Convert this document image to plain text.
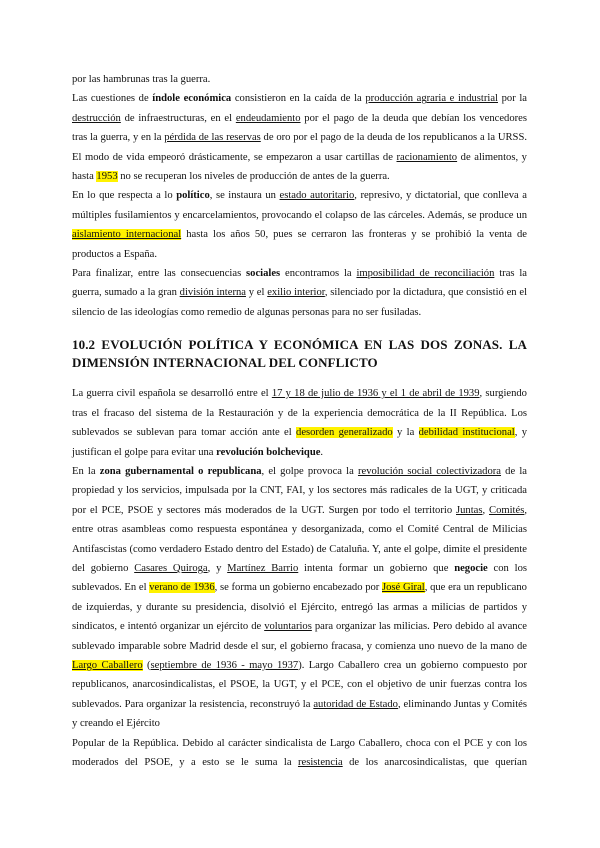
por las hambrunas tras la guerra.

Las cuestiones de índole económica consistieron en la caída de la producción agraria e industrial por la destrucción de infraestructuras, en el endeudamiento por el pago de la deuda que debían los vencedores tras la guerra, y en la pérdida de las reservas de oro por el pago de la deuda de los republicanos a la URSS. El modo de vida empeoró drásticamente, se empezaron a usar cartillas de racionamiento de alimentos, y hasta 1953 no se recuperan los niveles de producción de antes de la guerra.

En lo que respecta a lo político, se instaura un estado autoritario, represivo, y dictatorial, que conlleva a múltiples fusilamientos y encarcelamientos, provocando el colapso de las cárceles. Además, se produce un aislamiento internacional hasta los años 50, pues se cerraron las fronteras y se prohibió la venta de productos a España.

Para finalizar, entre las consecuencias sociales encontramos la imposibilidad de reconciliación tras la guerra, sumado a la gran división interna y el exilio interior, silenciado por la dictadura, que consistió en el silencio de las ideologías como remedio de algunas personas para no ser fusiladas.

10.2 EVOLUCIÓN POLÍTICA Y ECONÓMICA EN LAS DOS ZONAS. LA DIMENSIÓN INTERNACIONAL DEL CONFLICTO

La guerra civil española se desarrolló entre el 17 y 18 de julio de 1936 y el 1 de abril de 1939, surgiendo tras el fracaso del sistema de la Restauración y de la experiencia democrática de la II República. Los sublevados se sublevan para tomar acción ante el desorden generalizado y la debilidad institucional, y justifican el golpe para evitar una revolución bolchevique.

En la zona gubernamental o republicana, el golpe provoca la revolución social colectivizadora de la propiedad y los servicios, impulsada por la CNT, FAI, y los sectores más radicales de la UGT, y criticada por el PCE, PSOE y sectores más moderados de la UGT. Surgen por todo el territorio Juntas, Comités, entre otras asambleas como respuesta espontánea y desorganizada, como el Comité Central de Milicias Antifascistas (como verdadero Estado dentro del Estado) de Cataluña. Y, ante el golpe, dimite el presidente del gobierno Casares Quiroga, y Martínez Barrio intenta formar un gobierno que negocie con los sublevados. En el verano de 1936, se forma un gobierno encabezado por José Giral, que era un republicano de izquierdas, y durante su presidencia, disolvió el Ejército, entregó las armas a milicias de partidos y sindicatos, e intentó organizar un ejército de voluntarios para organizar las milicias. Pero debido al avance sublevado imparable sobre Madrid desde el sur, el gobierno fracasa, y comienza uno nuevo de la mano de Largo Caballero (septiembre de 1936 - mayo 1937). Largo Caballero crea un gobierno compuesto por republicanos, anarcosindicalistas, el PSOE, la UGT, y el PCE, con el objetivo de unir fuerzas contra los sublevados. Para organizar la resistencia, reconstruyó la autoridad de Estado, eliminando Juntas y Comités y creando el Ejército

Popular de la República. Debido al carácter sindicalista de Largo Caballero, choca con el PCE y con los moderados del PSOE, y a esto se le suma la resistencia de los anarcosindicalistas, que querían
